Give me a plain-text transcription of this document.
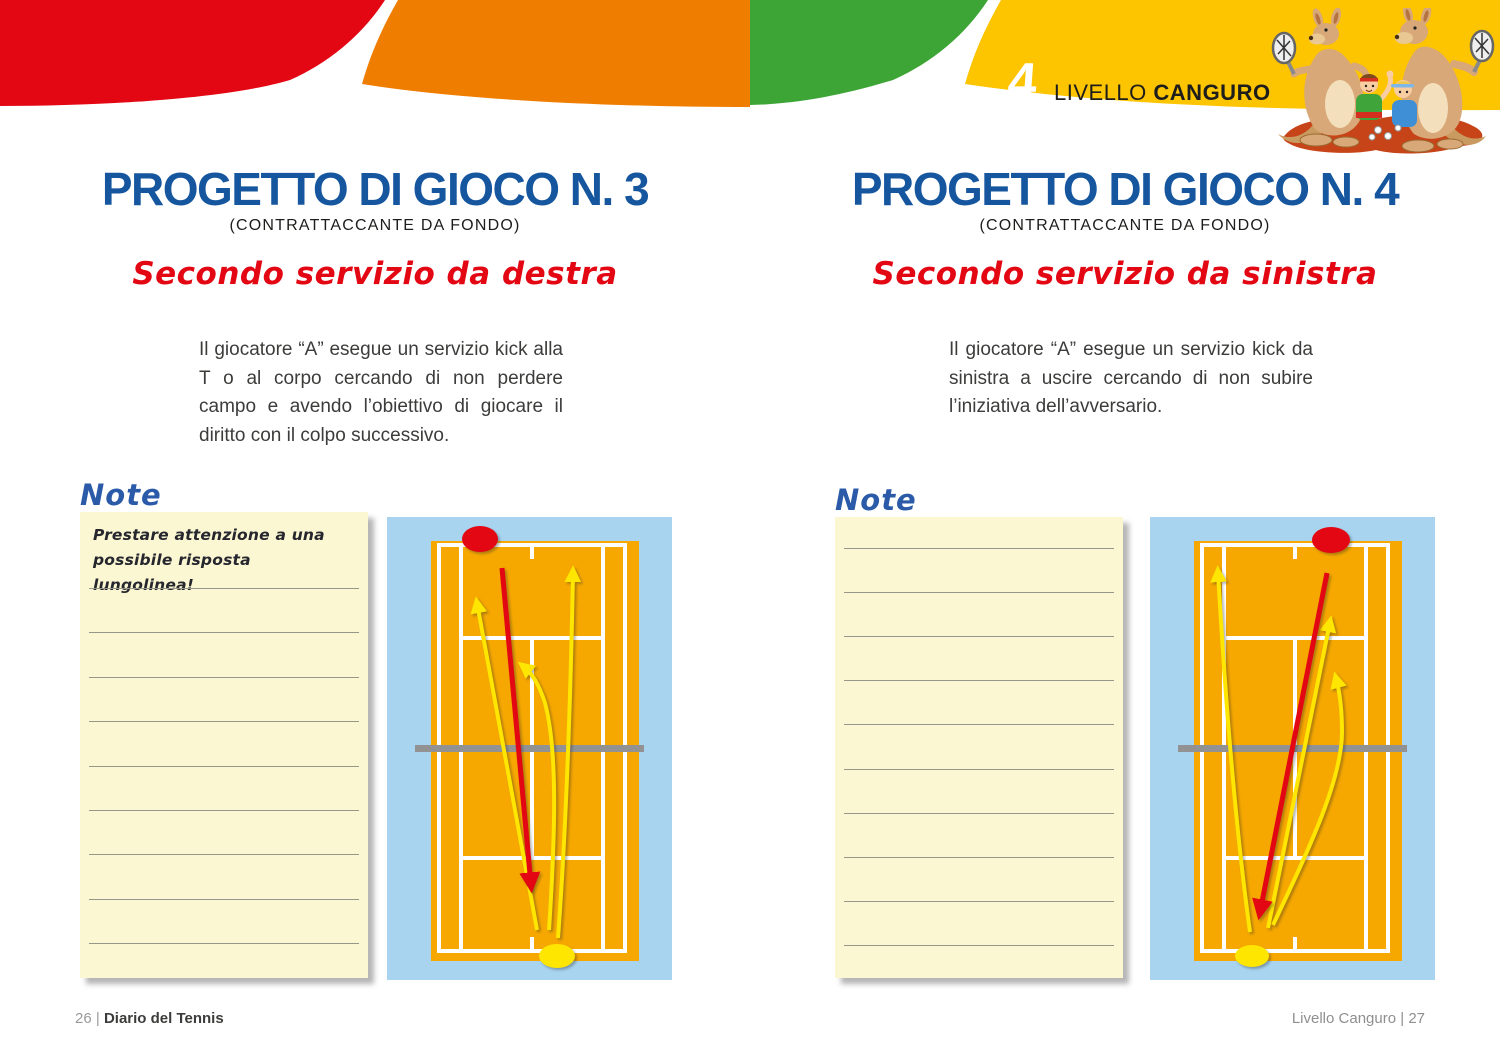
4 LIVELLO CANGURO
PROGETTO DI GIOCO N. 3
(CONTRATTACCANTE DA FONDO)
Secondo servizio da destra
Il giocatore “A” esegue un servizio kick alla T o al corpo cercando di non perdere campo e avendo l’obiettivo di giocare il diritto con il colpo successivo.
Note
Prestare attenzione a una possibile risposta lungolinea!
26 | Diario del Tennis
PROGETTO DI GIOCO N. 4
(CONTRATTACCANTE DA FONDO)
Secondo servizio da sinistra
Il giocatore “A” esegue un servizio kick da sinistra a uscire cercando di non subire l’iniziativa dell’avversario.
Note
Livello Canguro | 27
